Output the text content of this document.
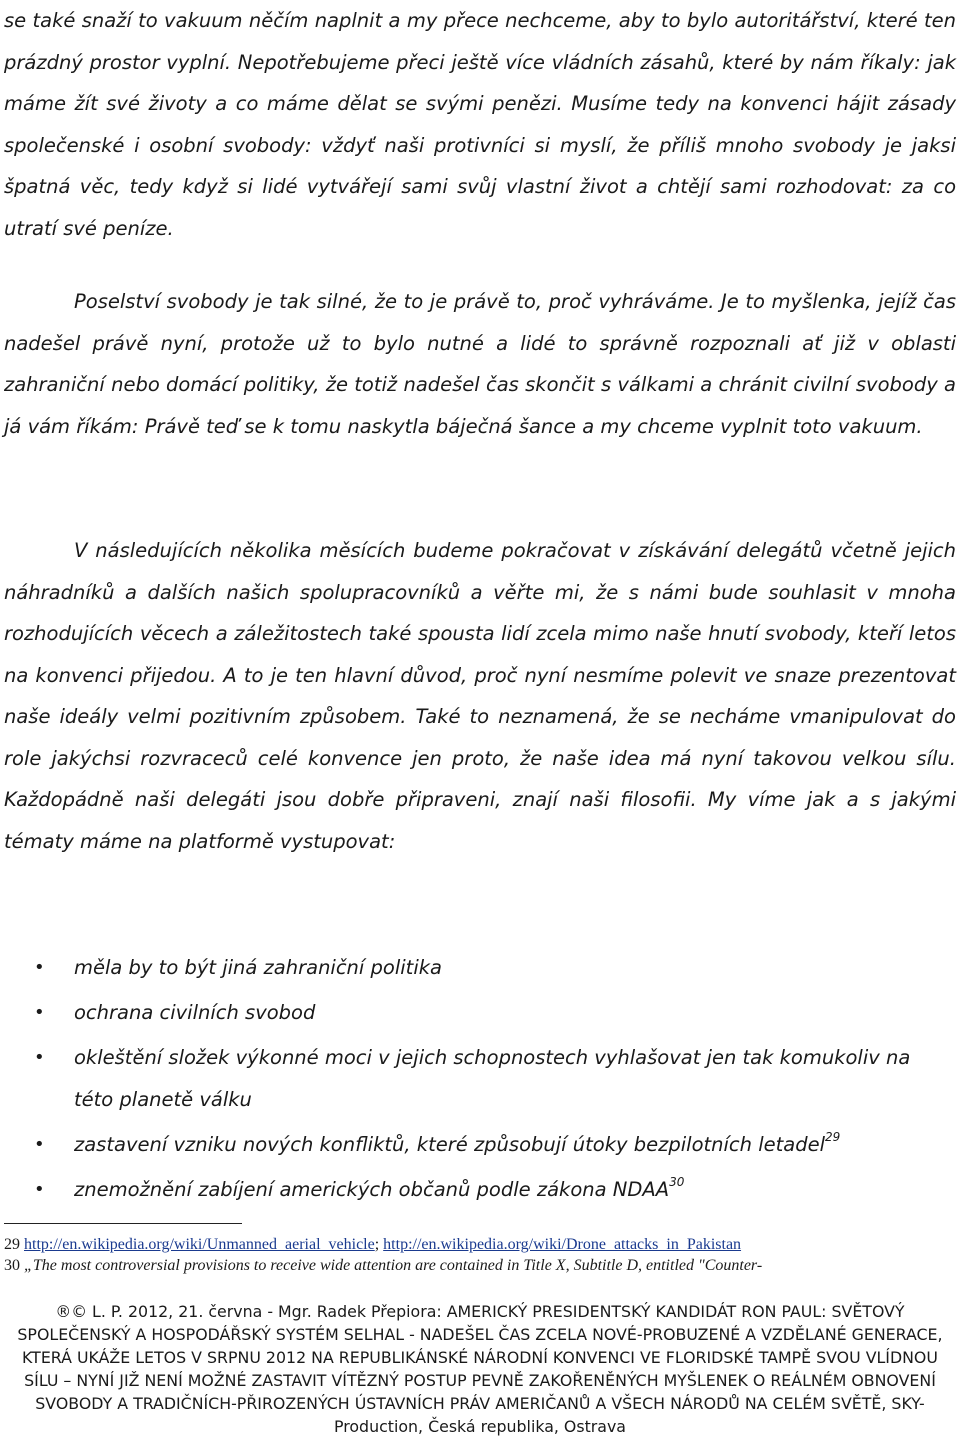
se také snaží to vakuum něčím naplnit a my přece nechceme, aby to bylo autoritářství, které ten prázdný prostor vyplní. Nepotřebujeme přeci ještě více vládních zásahů, které by nám říkaly: jak máme žít své životy a co máme dělat se svými penězi. Musíme tedy na konvenci hájit zásady společenské i osobní svobody: vždyť naši protivníci si myslí, že příliš mnoho svobody je jaksi špatná věc, tedy když si lidé vytvářejí sami svůj vlastní život a chtějí sami rozhodovat: za co utratí své peníze.

Poselství svobody je tak silné, že to je právě to, proč vyhráváme. Je to myšlenka, jejíž čas nadešel právě nyní, protože už to bylo nutné a lidé to správně rozpoznali ať již v oblasti zahraniční nebo domácí politiky, že totiž nadešel čas skončit s válkami a chránit civilní svobody a já vám říkám: Právě teď se k tomu naskytla báječná šance a my chceme vyplnit toto vakuum.

V následujících několika měsících budeme pokračovat v získávání delegátů včetně jejich náhradníků a dalších našich spolupracovníků a věřte mi, že s námi bude souhlasit v mnoha rozhodujících věcech a záležitostech také spousta lidí zcela mimo naše hnutí svobody, kteří letos na konvenci přijedou. A to je ten hlavní důvod, proč nyní nesmíme polevit ve snaze prezentovat naše ideály velmi pozitivním způsobem. Také to neznamená, že se necháme vmanipulovat do role jakýchsi rozvraceců celé konvence jen proto, že naše idea má nyní takovou velkou sílu. Každopádně naši delegáti jsou dobře připraveni, znají naši filosofii. My víme jak a s jakými tématy máme na platformě vystupovat:

• měla by to být jiná zahraniční politika
• ochrana civilních svobod
• okleštění složek výkonné moci v jejich schopnostech vyhlašovat jen tak komukoliv na této planetě válku
• zastavení vzniku nových konfliktů, které způsobují útoky bezpilotních letadel$^{29}$
• znemožnění zabíjení amerických občanů podle zákona NDAA$^{30}$
29 http://en.wikipedia.org/wiki/Unmanned_aerial_vehicle; http://en.wikipedia.org/wiki/Drone_attacks_in_Pakistan
30 „The most controversial provisions to receive wide attention are contained in Title X, Subtitle D, entitled "Counter-

®© L. P. 2012, 21. června - Mgr. Radek Přepiora: AMERICKÝ PRESIDENTSKÝ KANDIDÁT RON PAUL: SVĚTOVÝ SPOLEČENSKÝ A HOSPODÁŘSKÝ SYSTÉM SELHAL - NADEŠEL ČAS ZCELA NOVÉ-PROBUZENÉ A VZDĚLANÉ GENERACE, KTERÁ UKÁŽE LETOS V SRPNU 2012 NA REPUBLIKÁNSKÉ NÁRODNÍ KONVENCI VE FLORIDSKÉ TAMPĚ SVOU VLÍDNOU SÍLU – NYNÍ JIŽ NENÍ MOŽNÉ ZASTAVIT VÍTĚZNÝ POSTUP PEVNĚ ZAKOŘENĚNÝCH MYŠLENEK O REÁLNÉM OBNOVENÍ SVOBODY A TRADIČNÍCH-PŘIROZENÝCH ÚSTAVNÍCH PRÁV AMERIČANŮ A VŠECH NÁRODŮ NA CELÉM SVĚTĚ, SKY-Production, Česká republika, Ostrava
